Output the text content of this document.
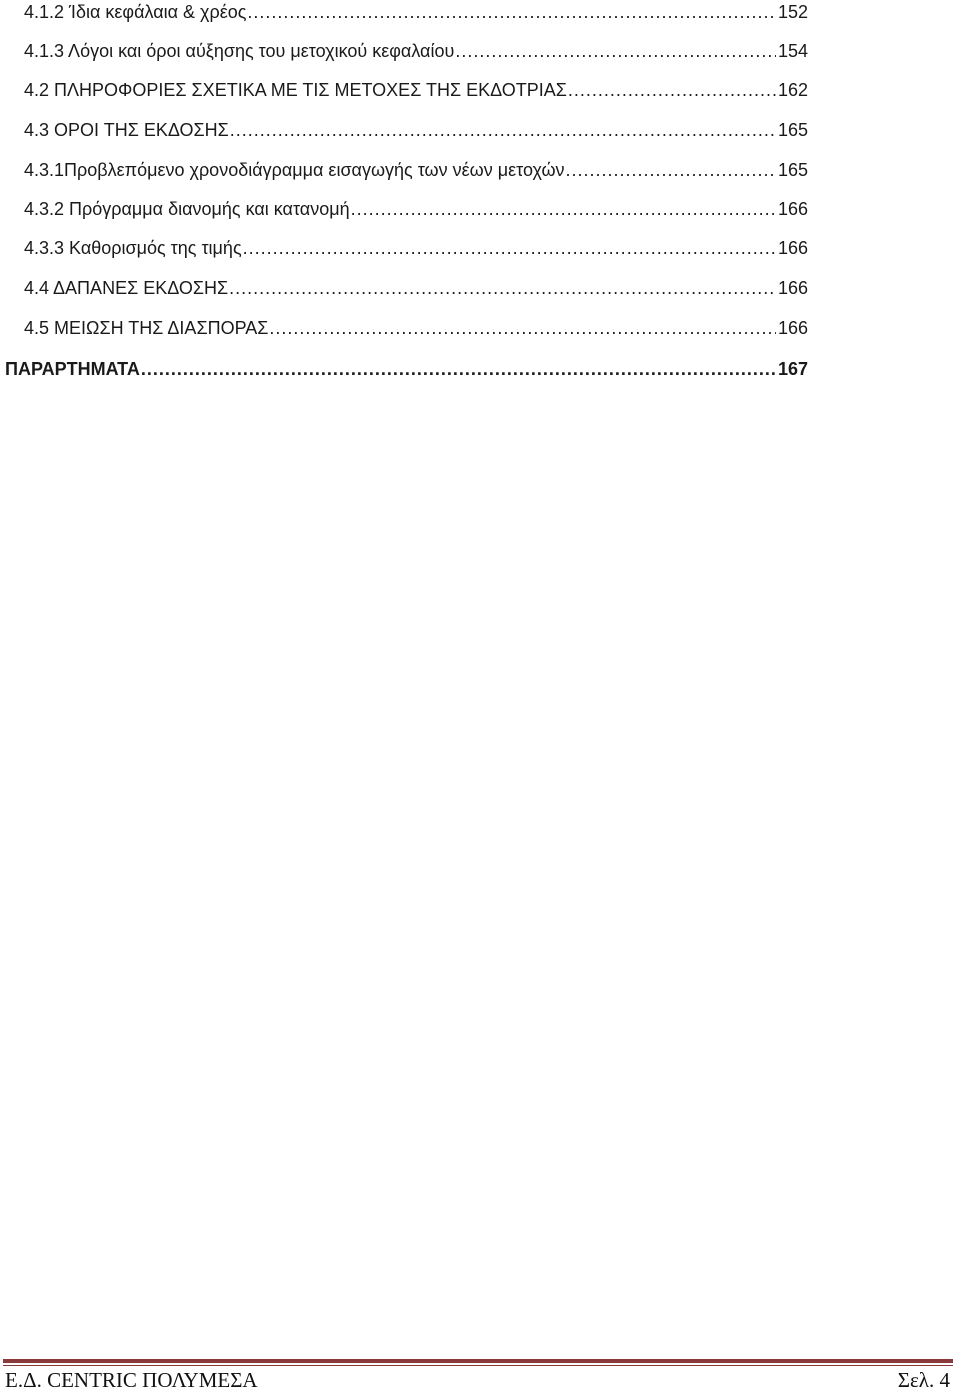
4.1.2 Ίδια κεφάλαια & χρέος .....	152
4.1.3 Λόγοι και όροι αύξησης του μετοχικού κεφαλαίου .....	154
4.2 ΠΛΗΡΟΦΟΡΙΕΣ ΣΧΕΤΙΚΑ ΜΕ ΤΙΣ ΜΕΤΟΧΕΣ ΤΗΣ ΕΚΔΟΤΡΙΑΣ .....	162
4.3 ΟΡΟΙ ΤΗΣ ΕΚΔΟΣΗΣ .....	165
4.3.1Προβλεπόμενο χρονοδιάγραμμα εισαγωγής των νέων μετοχών .....	165
4.3.2 Πρόγραμμα διανομής και κατανομή .....	166
4.3.3 Καθορισμός της τιμής .....	166
4.4 ΔΑΠΑΝΕΣ ΕΚΔΟΣΗΣ .....	166
4.5 ΜΕΙΩΣΗ ΤΗΣ ΔΙΑΣΠΟΡΑΣ .....	166
ΠΑΡΑΡΤΗΜΑΤΑ .....	167
Ε.Δ. CENTRIC ΠΟΛΥΜΕΣΑ	Σελ. 4
